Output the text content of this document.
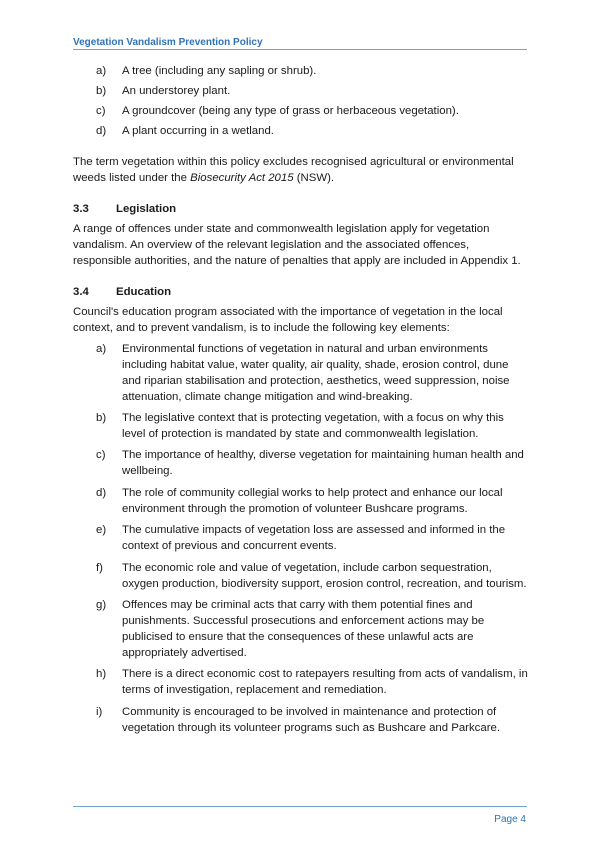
Vegetation Vandalism Prevention Policy
a)	A tree (including any sapling or shrub).
b)	An understorey plant.
c)	A groundcover (being any type of grass or herbaceous vegetation).
d)	A plant occurring in a wetland.

The term vegetation within this policy excludes recognised agricultural or environmental weeds listed under the Biosecurity Act 2015 (NSW).

3.3	Legislation

A range of offences under state and commonwealth legislation apply for vegetation vandalism. An overview of the relevant legislation and the associated offences, responsible authorities, and the nature of penalties that apply are included in Appendix 1.

3.4	Education

Council's education program associated with the importance of vegetation in the local context, and to prevent vandalism, is to include the following key elements:

a)	Environmental functions of vegetation in natural and urban environments including habitat value, water quality, air quality, shade, erosion control, dune and riparian stabilisation and protection, aesthetics, weed suppression, noise attenuation, climate change mitigation and wind-breaking.
b)	The legislative context that is protecting vegetation, with a focus on why this level of protection is mandated by state and commonwealth legislation.
c)	The importance of healthy, diverse vegetation for maintaining human health and wellbeing.
d)	The role of community collegial works to help protect and enhance our local environment through the promotion of volunteer Bushcare programs.
e)	The cumulative impacts of vegetation loss are assessed and informed in the context of previous and concurrent events.
f)	The economic role and value of vegetation, include carbon sequestration, oxygen production, biodiversity support, erosion control, recreation, and tourism.
g)	Offences may be criminal acts that carry with them potential fines and punishments. Successful prosecutions and enforcement actions may be publicised to ensure that the consequences of these unlawful acts are appropriately advertised.
h)	There is a direct economic cost to ratepayers resulting from acts of vandalism, in terms of investigation, replacement and remediation.
i)	Community is encouraged to be involved in maintenance and protection of vegetation through its volunteer programs such as Bushcare and Parkcare.
Page 4
